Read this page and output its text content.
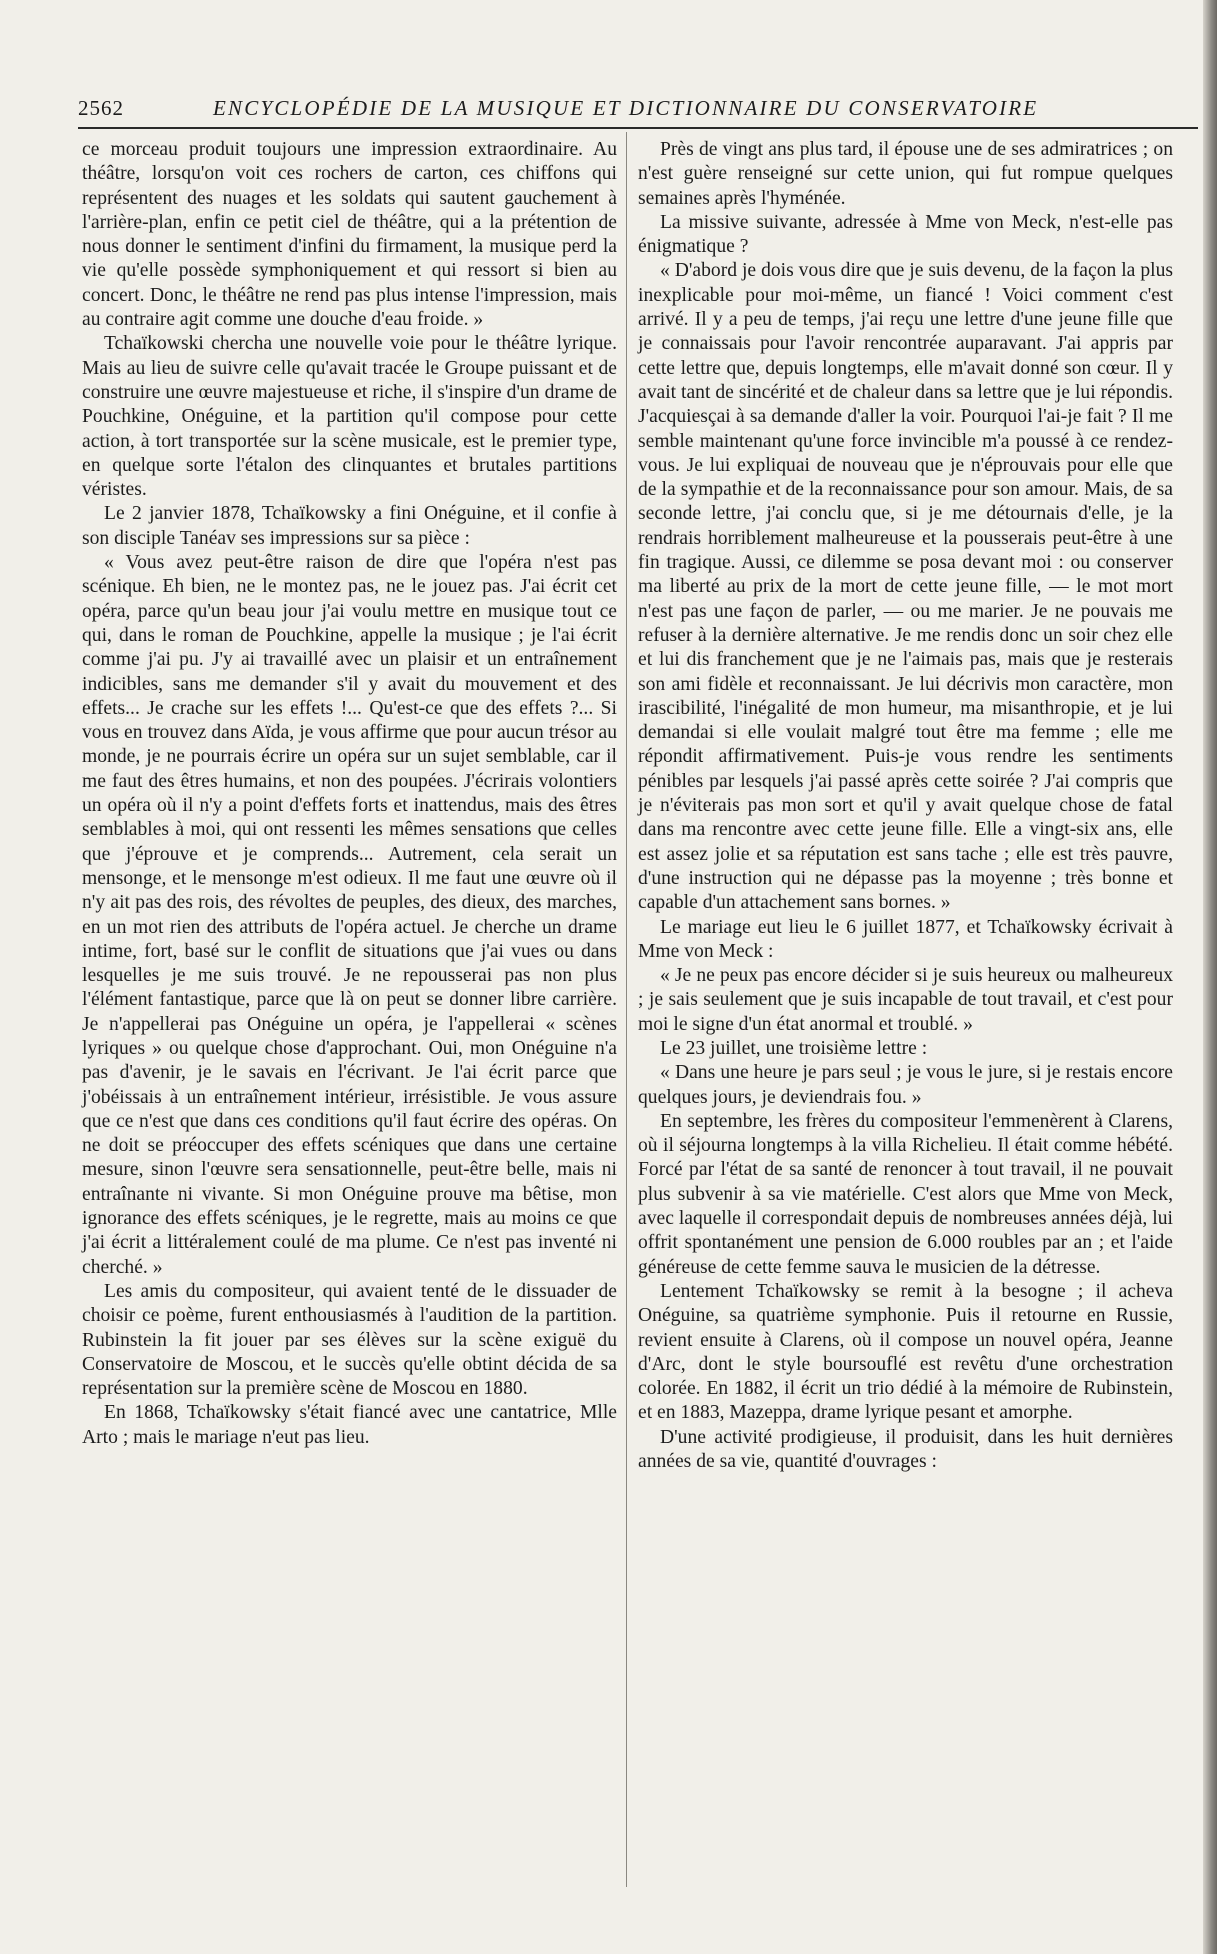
2562	ENCYCLOPÉDIE DE LA MUSIQUE ET DICTIONNAIRE DU CONSERVATOIRE

ce morceau produit toujours une impression extraordinaire. Au théâtre, lorsqu'on voit ces rochers de carton, ces chiffons qui représentent des nuages et les soldats qui sautent gauchement à l'arrière-plan, enfin ce petit ciel de théâtre, qui a la prétention de nous donner le sentiment d'infini du firmament, la musique perd la vie qu'elle possède symphoniquement et qui ressort si bien au concert. Donc, le théâtre ne rend pas plus intense l'impression, mais au contraire agit comme une douche d'eau froide. »

Tchaïkowski chercha une nouvelle voie pour le théâtre lyrique. Mais au lieu de suivre celle qu'avait tracée le Groupe puissant et de construire une œuvre majestueuse et riche, il s'inspire d'un drame de Pouchkine, Onéguine, et la partition qu'il compose pour cette action, à tort transportée sur la scène musicale, est le premier type, en quelque sorte l'étalon des clinquantes et brutales partitions véristes.

Le 2 janvier 1878, Tchaïkowsky a fini Onéguine, et il confie à son disciple Tanéav ses impressions sur sa pièce :

« Vous avez peut-être raison de dire que l'opéra n'est pas scénique. Eh bien, ne le montez pas, ne le jouez pas. J'ai écrit cet opéra, parce qu'un beau jour j'ai voulu mettre en musique tout ce qui, dans le roman de Pouchkine, appelle la musique ; je l'ai écrit comme j'ai pu. J'y ai travaillé avec un plaisir et un entraînement indicibles, sans me demander s'il y avait du mouvement et des effets... Je crache sur les effets !... Qu'est-ce que des effets ?... Si vous en trouvez dans Aïda, je vous affirme que pour aucun trésor au monde, je ne pourrais écrire un opéra sur un sujet semblable, car il me faut des êtres humains, et non des poupées. J'écrirais volontiers un opéra où il n'y a point d'effets forts et inattendus, mais des êtres semblables à moi, qui ont ressenti les mêmes sensations que celles que j'éprouve et je comprends... Autrement, cela serait un mensonge, et le mensonge m'est odieux. Il me faut une œuvre où il n'y ait pas des rois, des révoltes de peuples, des dieux, des marches, en un mot rien des attributs de l'opéra actuel. Je cherche un drame intime, fort, basé sur le conflit de situations que j'ai vues ou dans lesquelles je me suis trouvé. Je ne repousserai pas non plus l'élément fantastique, parce que là on peut se donner libre carrière. Je n'appellerai pas Onéguine un opéra, je l'appellerai « scènes lyriques » ou quelque chose d'approchant. Oui, mon Onéguine n'a pas d'avenir, je le savais en l'écrivant. Je l'ai écrit parce que j'obéissais à un entraînement intérieur, irrésistible. Je vous assure que ce n'est que dans ces conditions qu'il faut écrire des opéras. On ne doit se préoccuper des effets scéniques que dans une certaine mesure, sinon l'œuvre sera sensationnelle, peut-être belle, mais ni entraînante ni vivante. Si mon Onéguine prouve ma bêtise, mon ignorance des effets scéniques, je le regrette, mais au moins ce que j'ai écrit a littéralement coulé de ma plume. Ce n'est pas inventé ni cherché. »

Les amis du compositeur, qui avaient tenté de le dissuader de choisir ce poème, furent enthousiasmés à l'audition de la partition. Rubinstein la fit jouer par ses élèves sur la scène exiguë du Conservatoire de Moscou, et le succès qu'elle obtint décida de sa représentation sur la première scène de Moscou en 1880.

En 1868, Tchaïkowsky s'était fiancé avec une cantatrice, Mlle Arto ; mais le mariage n'eut pas lieu.

Près de vingt ans plus tard, il épouse une de ses admiratrices ; on n'est guère renseigné sur cette union, qui fut rompue quelques semaines après l'hyménée.

La missive suivante, adressée à Mme von Meck, n'est-elle pas énigmatique ?

« D'abord je dois vous dire que je suis devenu, de la façon la plus inexplicable pour moi-même, un fiancé ! Voici comment c'est arrivé. Il y a peu de temps, j'ai reçu une lettre d'une jeune fille que je connaissais pour l'avoir rencontrée auparavant. J'ai appris par cette lettre que, depuis longtemps, elle m'avait donné son cœur. Il y avait tant de sincérité et de chaleur dans sa lettre que je lui répondis. J'acquiesçai à sa demande d'aller la voir. Pourquoi l'ai-je fait ? Il me semble maintenant qu'une force invincible m'a poussé à ce rendez-vous. Je lui expliquai de nouveau que je n'éprouvais pour elle que de la sympathie et de la reconnaissance pour son amour. Mais, de sa seconde lettre, j'ai conclu que, si je me détournais d'elle, je la rendrais horriblement malheureuse et la pousserais peut-être à une fin tragique. Aussi, ce dilemme se posa devant moi : ou conserver ma liberté au prix de la mort de cette jeune fille, — le mot mort n'est pas une façon de parler, — ou me marier. Je ne pouvais me refuser à la dernière alternative. Je me rendis donc un soir chez elle et lui dis franchement que je ne l'aimais pas, mais que je resterais son ami fidèle et reconnaissant. Je lui décrivis mon caractère, mon irascibilité, l'inégalité de mon humeur, ma misanthropie, et je lui demandai si elle voulait malgré tout être ma femme ; elle me répondit affirmativement. Puis-je vous rendre les sentiments pénibles par lesquels j'ai passé après cette soirée ? J'ai compris que je n'éviterais pas mon sort et qu'il y avait quelque chose de fatal dans ma rencontre avec cette jeune fille. Elle a vingt-six ans, elle est assez jolie et sa réputation est sans tache ; elle est très pauvre, d'une instruction qui ne dépasse pas la moyenne ; très bonne et capable d'un attachement sans bornes. »

Le mariage eut lieu le 6 juillet 1877, et Tchaïkowsky écrivait à Mme von Meck :

« Je ne peux pas encore décider si je suis heureux ou malheureux ; je sais seulement que je suis incapable de tout travail, et c'est pour moi le signe d'un état anormal et troublé. »

Le 23 juillet, une troisième lettre :

« Dans une heure je pars seul ; je vous le jure, si je restais encore quelques jours, je deviendrais fou. »

En septembre, les frères du compositeur l'emmenèrent à Clarens, où il séjourna longtemps à la villa Richelieu. Il était comme hébété. Forcé par l'état de sa santé de renoncer à tout travail, il ne pouvait plus subvenir à sa vie matérielle. C'est alors que Mme von Meck, avec laquelle il correspondait depuis de nombreuses années déjà, lui offrit spontanément une pension de 6.000 roubles par an ; et l'aide généreuse de cette femme sauva le musicien de la détresse.

Lentement Tchaïkowsky se remit à la besogne ; il acheva Onéguine, sa quatrième symphonie. Puis il retourne en Russie, revient ensuite à Clarens, où il compose un nouvel opéra, Jeanne d'Arc, dont le style boursouflé est revêtu d'une orchestration colorée. En 1882, il écrit un trio dédié à la mémoire de Rubinstein, et en 1883, Mazeppa, drame lyrique pesant et amorphe.

D'une activité prodigieuse, il produisit, dans les huit dernières années de sa vie, quantité d'ouvrages :
